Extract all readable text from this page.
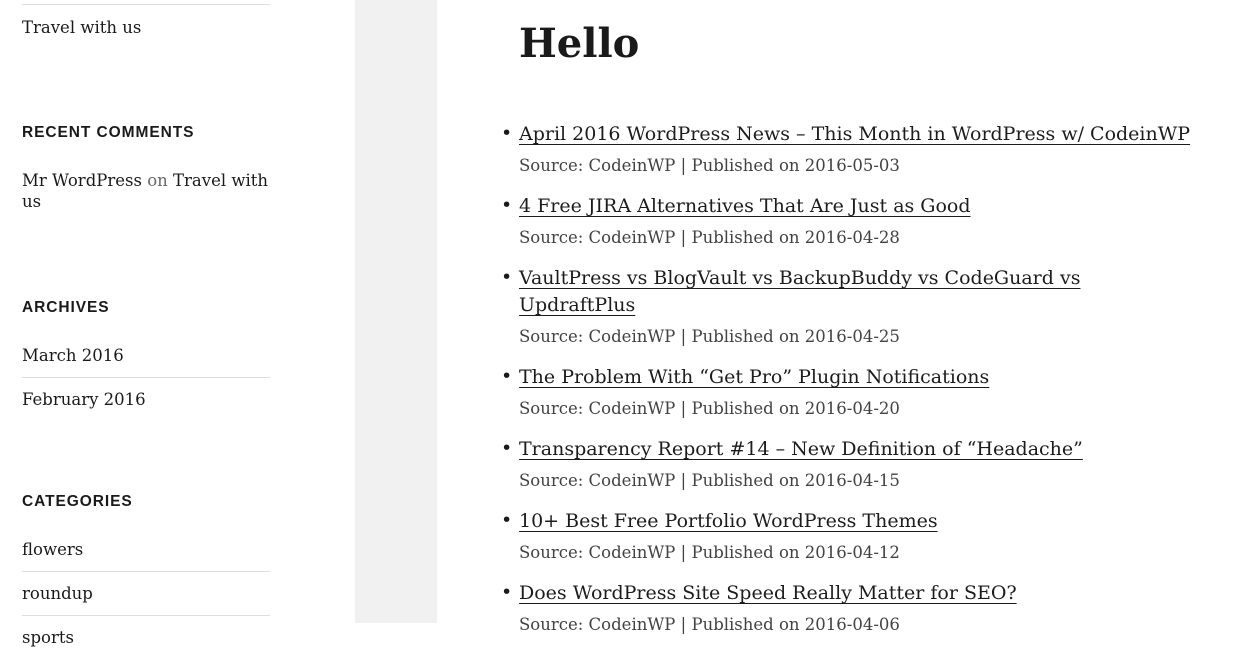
Travel with us
RECENT COMMENTS
Mr WordPress on Travel with us
ARCHIVES
March 2016
February 2016
CATEGORIES
flowers
roundup
sports
Hello
• April 2016 WordPress News – This Month in WordPress w/ CodeinWP
Source: CodeinWP | Published on 2016-05-03
• 4 Free JIRA Alternatives That Are Just as Good
Source: CodeinWP | Published on 2016-04-28
• VaultPress vs BlogVault vs BackupBuddy vs CodeGuard vs UpdraftPlus
Source: CodeinWP | Published on 2016-04-25
• The Problem With “Get Pro” Plugin Notifications
Source: CodeinWP | Published on 2016-04-20
• Transparency Report #14 – New Definition of “Headache”
Source: CodeinWP | Published on 2016-04-15
• 10+ Best Free Portfolio WordPress Themes
Source: CodeinWP | Published on 2016-04-12
• Does WordPress Site Speed Really Matter for SEO?
Source: CodeinWP | Published on 2016-04-06
